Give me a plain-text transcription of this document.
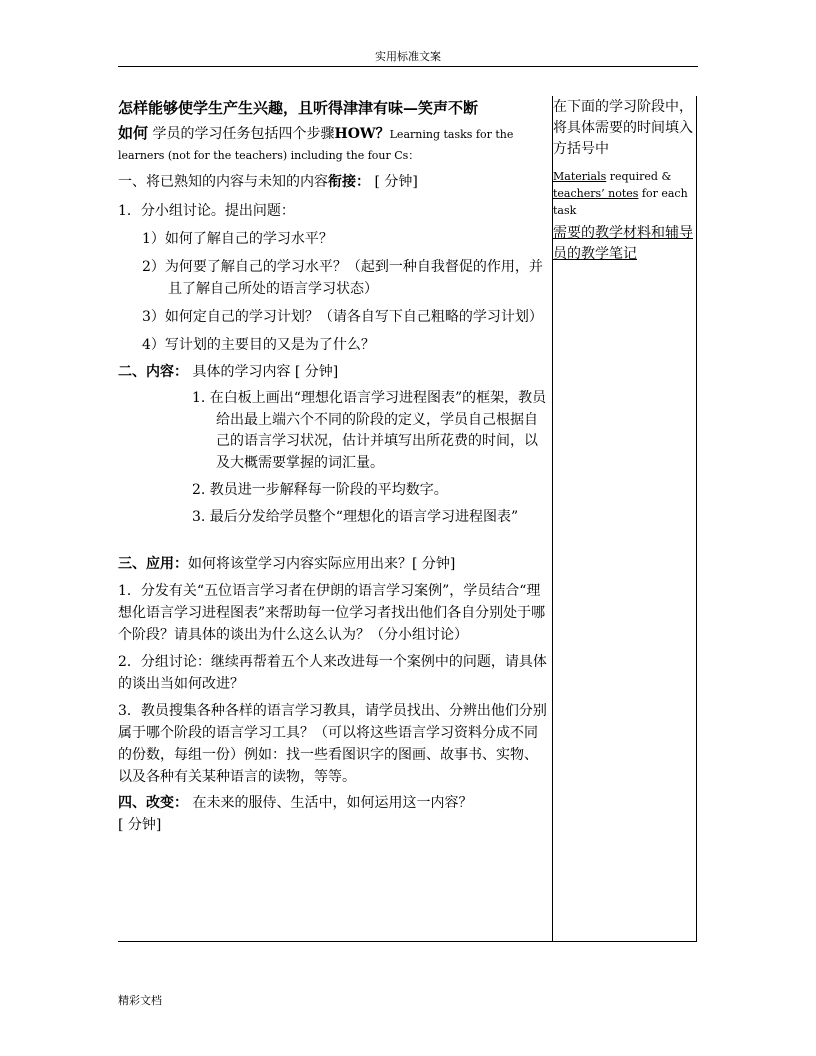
实用标准文案

怎样能够使学生产生兴趣，且听得津津有味—笑声不断

如何 学员的学习任务包括四个步骤HOW？Learning tasks for the learners (not for the teachers) including the four Cs：

一、将已熟知的内容与未知的内容衔接： [ 分钟]

1．分小组讨论。提出问题：

1）如何了解自己的学习水平？

2）为何要了解自己的学习水平？（起到一种自我督促的作用，并且了解自己所处的语言学习状态）

3）如何定自己的学习计划？（请各自写下自己粗略的学习计划）

4）写计划的主要目的又是为了什么？

二、内容： 具体的学习内容 [ 分钟]

1. 在白板上画出“理想化语言学习进程图表”的框架，教员给出最上端六个不同的阶段的定义，学员自己根据自己的语言学习状况，估计并填写出所花费的时间，以及大概需要掌握的词汇量。

2. 教员进一步解释每一阶段的平均数字。

3. 最后分发给学员整个“理想化的语言学习进程图表”

三、应用：如何将该堂学习内容实际应用出来？[ 分钟]

1．分发有关“五位语言学习者在伊朗的语言学习案例”，学员结合“理想化语言学习进程图表”来帮助每一位学习者找出他们各自分别处于哪个阶段？请具体的谈出为什么这么认为？（分小组讨论）

2．分组讨论：继续再帮着五个人来改进每一个案例中的问题，请具体的谈出当如何改进？

3．教员搜集各种各样的语言学习教具，请学员找出、分辨出他们分别属于哪个阶段的语言学习工具？（可以将这些语言学习资料分成不同的份数，每组一份）例如：找一些看图识字的图画、故事书、实物、以及各种有关某种语言的读物，等等。

四、改变： 在未来的服侍、生活中，如何运用这一内容？

[ 分钟]

在下面的学习阶段中，将具体需要的时间填入方括号中

Materials required & teachers’ notes for each task

需要的教学材料和辅导员的教学笔记

精彩文档
